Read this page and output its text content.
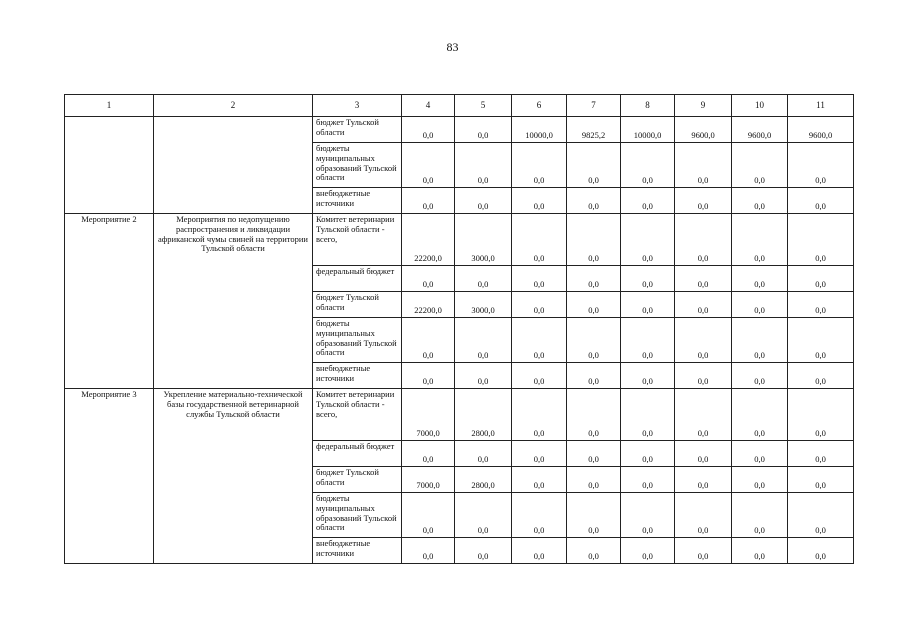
83
1	2	3	4	5	6	7	8	9	10	11
		бюджет Тульской области	0,0	0,0	10000,0	9825,2	10000,0	9600,0	9600,0	9600,0
		бюджеты муниципальных образований Тульской области	0,0	0,0	0,0	0,0	0,0	0,0	0,0	0,0
		внебюджетные источники	0,0	0,0	0,0	0,0	0,0	0,0	0,0	0,0
Мероприятие 2	Мероприятия по недопущению распространения и ликвидации африканской чумы свиней на территории Тульской области	Комитет ветеринарии Тульской области - всего,	22200,0	3000,0	0,0	0,0	0,0	0,0	0,0	0,0
		федеральный бюджет	0,0	0,0	0,0	0,0	0,0	0,0	0,0	0,0
		бюджет Тульской области	22200,0	3000,0	0,0	0,0	0,0	0,0	0,0	0,0
		бюджеты муниципальных образований Тульской области	0,0	0,0	0,0	0,0	0,0	0,0	0,0	0,0
		внебюджетные источники	0,0	0,0	0,0	0,0	0,0	0,0	0,0	0,0
Мероприятие 3	Укрепление материально-технической базы государственной ветеринарной службы Тульской области	Комитет ветеринарии Тульской области - всего,	7000,0	2800,0	0,0	0,0	0,0	0,0	0,0	0,0
		федеральный бюджет	0,0	0,0	0,0	0,0	0,0	0,0	0,0	0,0
		бюджет Тульской области	7000,0	2800,0	0,0	0,0	0,0	0,0	0,0	0,0
		бюджеты муниципальных образований Тульской области	0,0	0,0	0,0	0,0	0,0	0,0	0,0	0,0
		внебюджетные источники	0,0	0,0	0,0	0,0	0,0	0,0	0,0	0,0
